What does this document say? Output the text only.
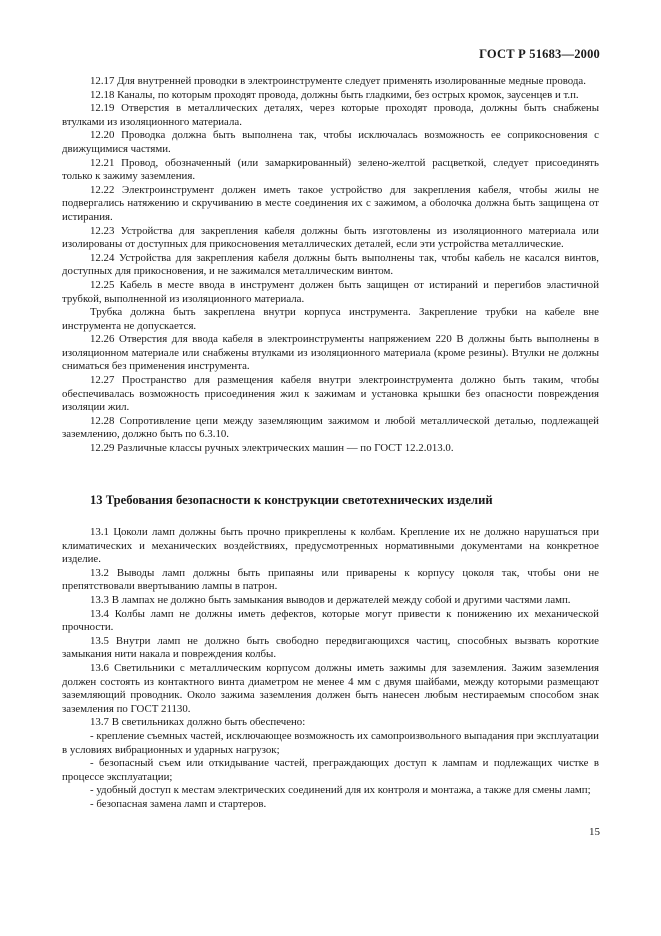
ГОСТ Р 51683—2000

12.17 Для внутренней проводки в электроинструменте следует применять изолированные медные провода.

12.18 Каналы, по которым проходят провода, должны быть гладкими, без острых кромок, заусенцев и т.п.

12.19 Отверстия в металлических деталях, через которые проходят провода, должны быть снабжены втулками из изоляционного материала.

12.20 Проводка должна быть выполнена так, чтобы исключалась возможность ее соприкосновения с движущимися частями.

12.21 Провод, обозначенный (или замаркированный) зелено-желтой расцветкой, следует присоединять только к зажиму заземления.

12.22 Электроинструмент должен иметь такое устройство для закрепления кабеля, чтобы жилы не подвергались натяжению и скручиванию в месте соединения их с зажимом, а оболочка должна быть защищена от истирания.

12.23 Устройства для закрепления кабеля должны быть изготовлены из изоляционного материала или изолированы от доступных для прикосновения металлических деталей, если эти устройства металлические.

12.24 Устройства для закрепления кабеля должны быть выполнены так, чтобы кабель не касался винтов, доступных для прикосновения, и не зажимался металлическим винтом.

12.25 Кабель в месте ввода в инструмент должен быть защищен от истираний и перегибов эластичной трубкой, выполненной из изоляционного материала.

Трубка должна быть закреплена внутри корпуса инструмента. Закрепление трубки на кабеле вне инструмента не допускается.

12.26 Отверстия для ввода кабеля в электроинструменты напряжением 220 В должны быть выполнены в изоляционном материале или снабжены втулками из изоляционного материала (кроме резины). Втулки не должны сниматься без применения инструмента.

12.27 Пространство для размещения кабеля внутри электроинструмента должно быть таким, чтобы обеспечивалась возможность присоединения жил к зажимам и установка крышки без опасности повреждения изоляции жил.

12.28 Сопротивление цепи между заземляющим зажимом и любой металлической деталью, подлежащей заземлению, должно быть по 6.3.10.

12.29 Различные классы ручных электрических машин — по ГОСТ 12.2.013.0.

13 Требования безопасности к конструкции светотехнических изделий

13.1 Цоколи ламп должны быть прочно прикреплены к колбам. Крепление их не должно нарушаться при климатических и механических воздействиях, предусмотренных нормативными документами на конкретное изделие.

13.2 Выводы ламп должны быть припаяны или приварены к корпусу цоколя так, чтобы они не препятствовали ввертыванию лампы в патрон.

13.3 В лампах не должно быть замыкания выводов и держателей между собой и другими частями ламп.

13.4 Колбы ламп не должны иметь дефектов, которые могут привести к понижению их механической прочности.

13.5 Внутри ламп не должно быть свободно передвигающихся частиц, способных вызвать короткие замыкания нити накала и повреждения колбы.

13.6 Светильники с металлическим корпусом должны иметь зажимы для заземления. Зажим заземления должен состоять из контактного винта диаметром не менее 4 мм с двумя шайбами, между которыми размещают заземляющий проводник. Около зажима заземления должен быть нанесен любым нестираемым способом знак заземления по ГОСТ 21130.

13.7 В светильниках должно быть обеспечено:

- крепление съемных частей, исключающее возможность их самопроизвольного выпадания при эксплуатации в условиях вибрационных и ударных нагрузок;

- безопасный съем или откидывание частей, преграждающих доступ к лампам и подлежащих чистке в процессе эксплуатации;

- удобный доступ к местам электрических соединений для их контроля и монтажа, а также для смены ламп;

- безопасная замена ламп и стартеров.

15
